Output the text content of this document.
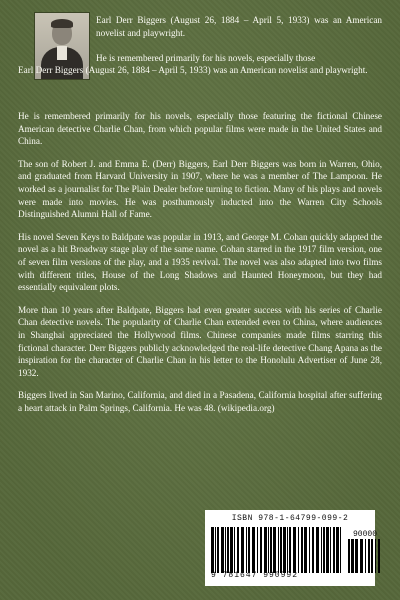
Earl Derr Biggers (August 26, 1884 – April 5, 1933) was an American novelist and playwright.

He is remembered primarily for his novels, especially those

Earl Derr Biggers (August 26, 1884 – April 5, 1933) was an American novelist and playwright.

He is remembered primarily for his novels, especially those featuring the fictional Chinese American detective Charlie Chan, from which popular films were made in the United States and China.

The son of Robert J. and Emma E. (Derr) Biggers, Earl Derr Biggers was born in Warren, Ohio, and graduated from Harvard University in 1907, where he was a member of The Lampoon. He worked as a journalist for The Plain Dealer before turning to fiction. Many of his plays and novels were made into movies. He was posthumously inducted into the Warren City Schools Distinguished Alumni Hall of Fame.

His novel Seven Keys to Baldpate was popular in 1913, and George M. Cohan quickly adapted the novel as a hit Broadway stage play of the same name. Cohan starred in the 1917 film version, one of seven film versions of the play, and a 1935 revival. The novel was also adapted into two films with different titles, House of the Long Shadows and Haunted Honeymoon, but they had essentially equivalent plots.

More than 10 years after Baldpate, Biggers had even greater success with his series of Charlie Chan detective novels. The popularity of Charlie Chan extended even to China, where audiences in Shanghai appreciated the Hollywood films. Chinese companies made films starring this fictional character. Derr Biggers publicly acknowledged the real-life detective Chang Apana as the inspiration for the character of Charlie Chan in his letter to the Honolulu Advertiser of June 28, 1932.

Biggers lived in San Marino, California, and died in a Pasadena, California hospital after suffering a heart attack in Palm Springs, California. He was 48. (wikipedia.org)

ISBN 978-1-64799-099-2
90000
9 781647 990992
